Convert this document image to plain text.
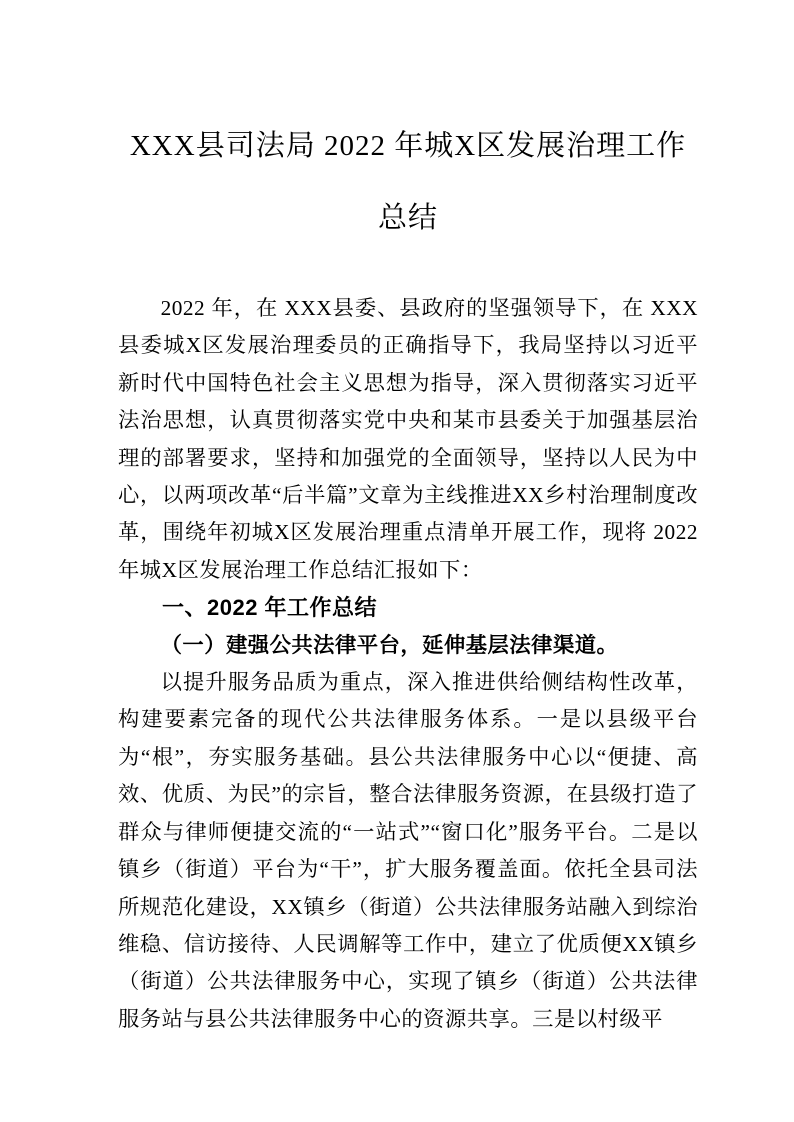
XXX县司法局 2022 年城X区发展治理工作总结

2022 年，在 XXX县委、县政府的坚强领导下，在 XXX县委城X区发展治理委员的正确指导下，我局坚持以习近平新时代中国特色社会主义思想为指导，深入贯彻落实习近平法治思想，认真贯彻落实党中央和某市县委关于加强基层治理的部署要求，坚持和加强党的全面领导，坚持以人民为中心，以两项改革“后半篇”文章为主线推进XX乡村治理制度改革，围绕年初城X区发展治理重点清单开展工作，现将 2022 年城X区发展治理工作总结汇报如下：

一、2022 年工作总结

（一）建强公共法律平台，延伸基层法律渠道。

以提升服务品质为重点，深入推进供给侧结构性改革，构建要素完备的现代公共法律服务体系。一是以县级平台为“根”，夯实服务基础。县公共法律服务中心以“便捷、高效、优质、为民”的宗旨，整合法律服务资源，在县级打造了群众与律师便捷交流的“一站式”“窗口化”服务平台。二是以镇乡（街道）平台为“干”，扩大服务覆盖面。依托全县司法所规范化建设，XX镇乡（街道）公共法律服务站融入到综治维稳、信访接待、人民调解等工作中，建立了优质便XX镇乡（街道）公共法律服务中心，实现了镇乡（街道）公共法律服务站与县公共法律服务中心的资源共享。三是以村级平
